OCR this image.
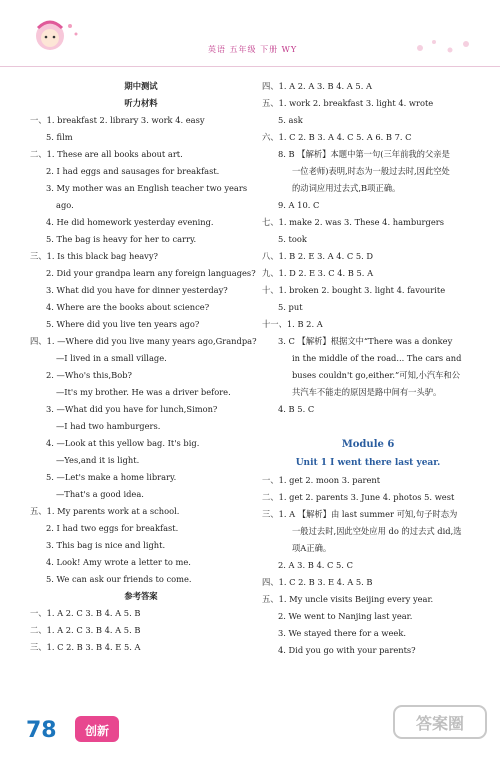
英语 五年级 下册 WY
期中测试
听力材料
一、1. breakfast 2. library 3. work 4. easy
5. film
二、1. These are all books about art.
2. I had eggs and sausages for breakfast.
3. My mother was an English teacher two years
ago.
4. He did homework yesterday evening.
5. The bag is heavy for her to carry.
三、1. Is this black bag heavy?
2. Did your grandpa learn any foreign languages?
3. What did you have for dinner yesterday?
4. Where are the books about science?
5. Where did you live ten years ago?
四、1. —Where did you live many years ago,Grandpa?
—I lived in a small village.
2. —Who's this,Bob?
—It's my brother. He was a driver before.
3. —What did you have for lunch,Simon?
—I had two hamburgers.
4. —Look at this yellow bag. It's big.
—Yes,and it is light.
5. —Let's make a home library.
—That's a good idea.
五、1. My parents work at a school.
2. I had two eggs for breakfast.
3. This bag is nice and light.
4. Look! Amy wrote a letter to me.
5. We can ask our friends to come.
参考答案
一、1. A 2. C 3. B 4. A 5. B
二、1. A 2. C 3. B 4. A 5. B
三、1. C 2. B 3. B 4. E 5. A
四、1. A 2. A 3. B 4. A 5. A
五、1. work 2. breakfast 3. light 4. wrote
5. ask
六、1. C 2. B 3. A 4. C 5. A 6. B 7. C
8. B 【解析】本题中第一句(三年前我的父亲是
一位老师)表明,时态为一般过去时,因此空处
的动词应用过去式,B项正确。
9. A 10. C
七、1. make 2. was 3. These 4. hamburgers
5. took
八、1. B 2. E 3. A 4. C 5. D
九、1. D 2. E 3. C 4. B 5. A
十、1. broken 2. bought 3. light 4. favourite
5. put
十一、1. B 2. A
3. C 【解析】根据文中“There was a donkey
in the middle of the road... The cars and
buses couldn't go,either.”可知,小汽车和公
共汽车不能走的原因是路中间有一头驴。
4. B 5. C
Module 6
Unit 1 I went there last year.
一、1. get 2. moon 3. parent
二、1. get 2. parents 3. June 4. photos 5. west
三、1. A 【解析】由 last summer 可知,句子时态为
一般过去时,因此空处应用 do 的过去式 did,选
项A正确。
2. A 3. B 4. C 5. C
四、1. C 2. B 3. E 4. A 5. B
五、1. My uncle visits Beijing every year.
2. We went to Nanjing last year.
3. We stayed there for a week.
4. Did you go with your parents?
78 创新	答案圈
